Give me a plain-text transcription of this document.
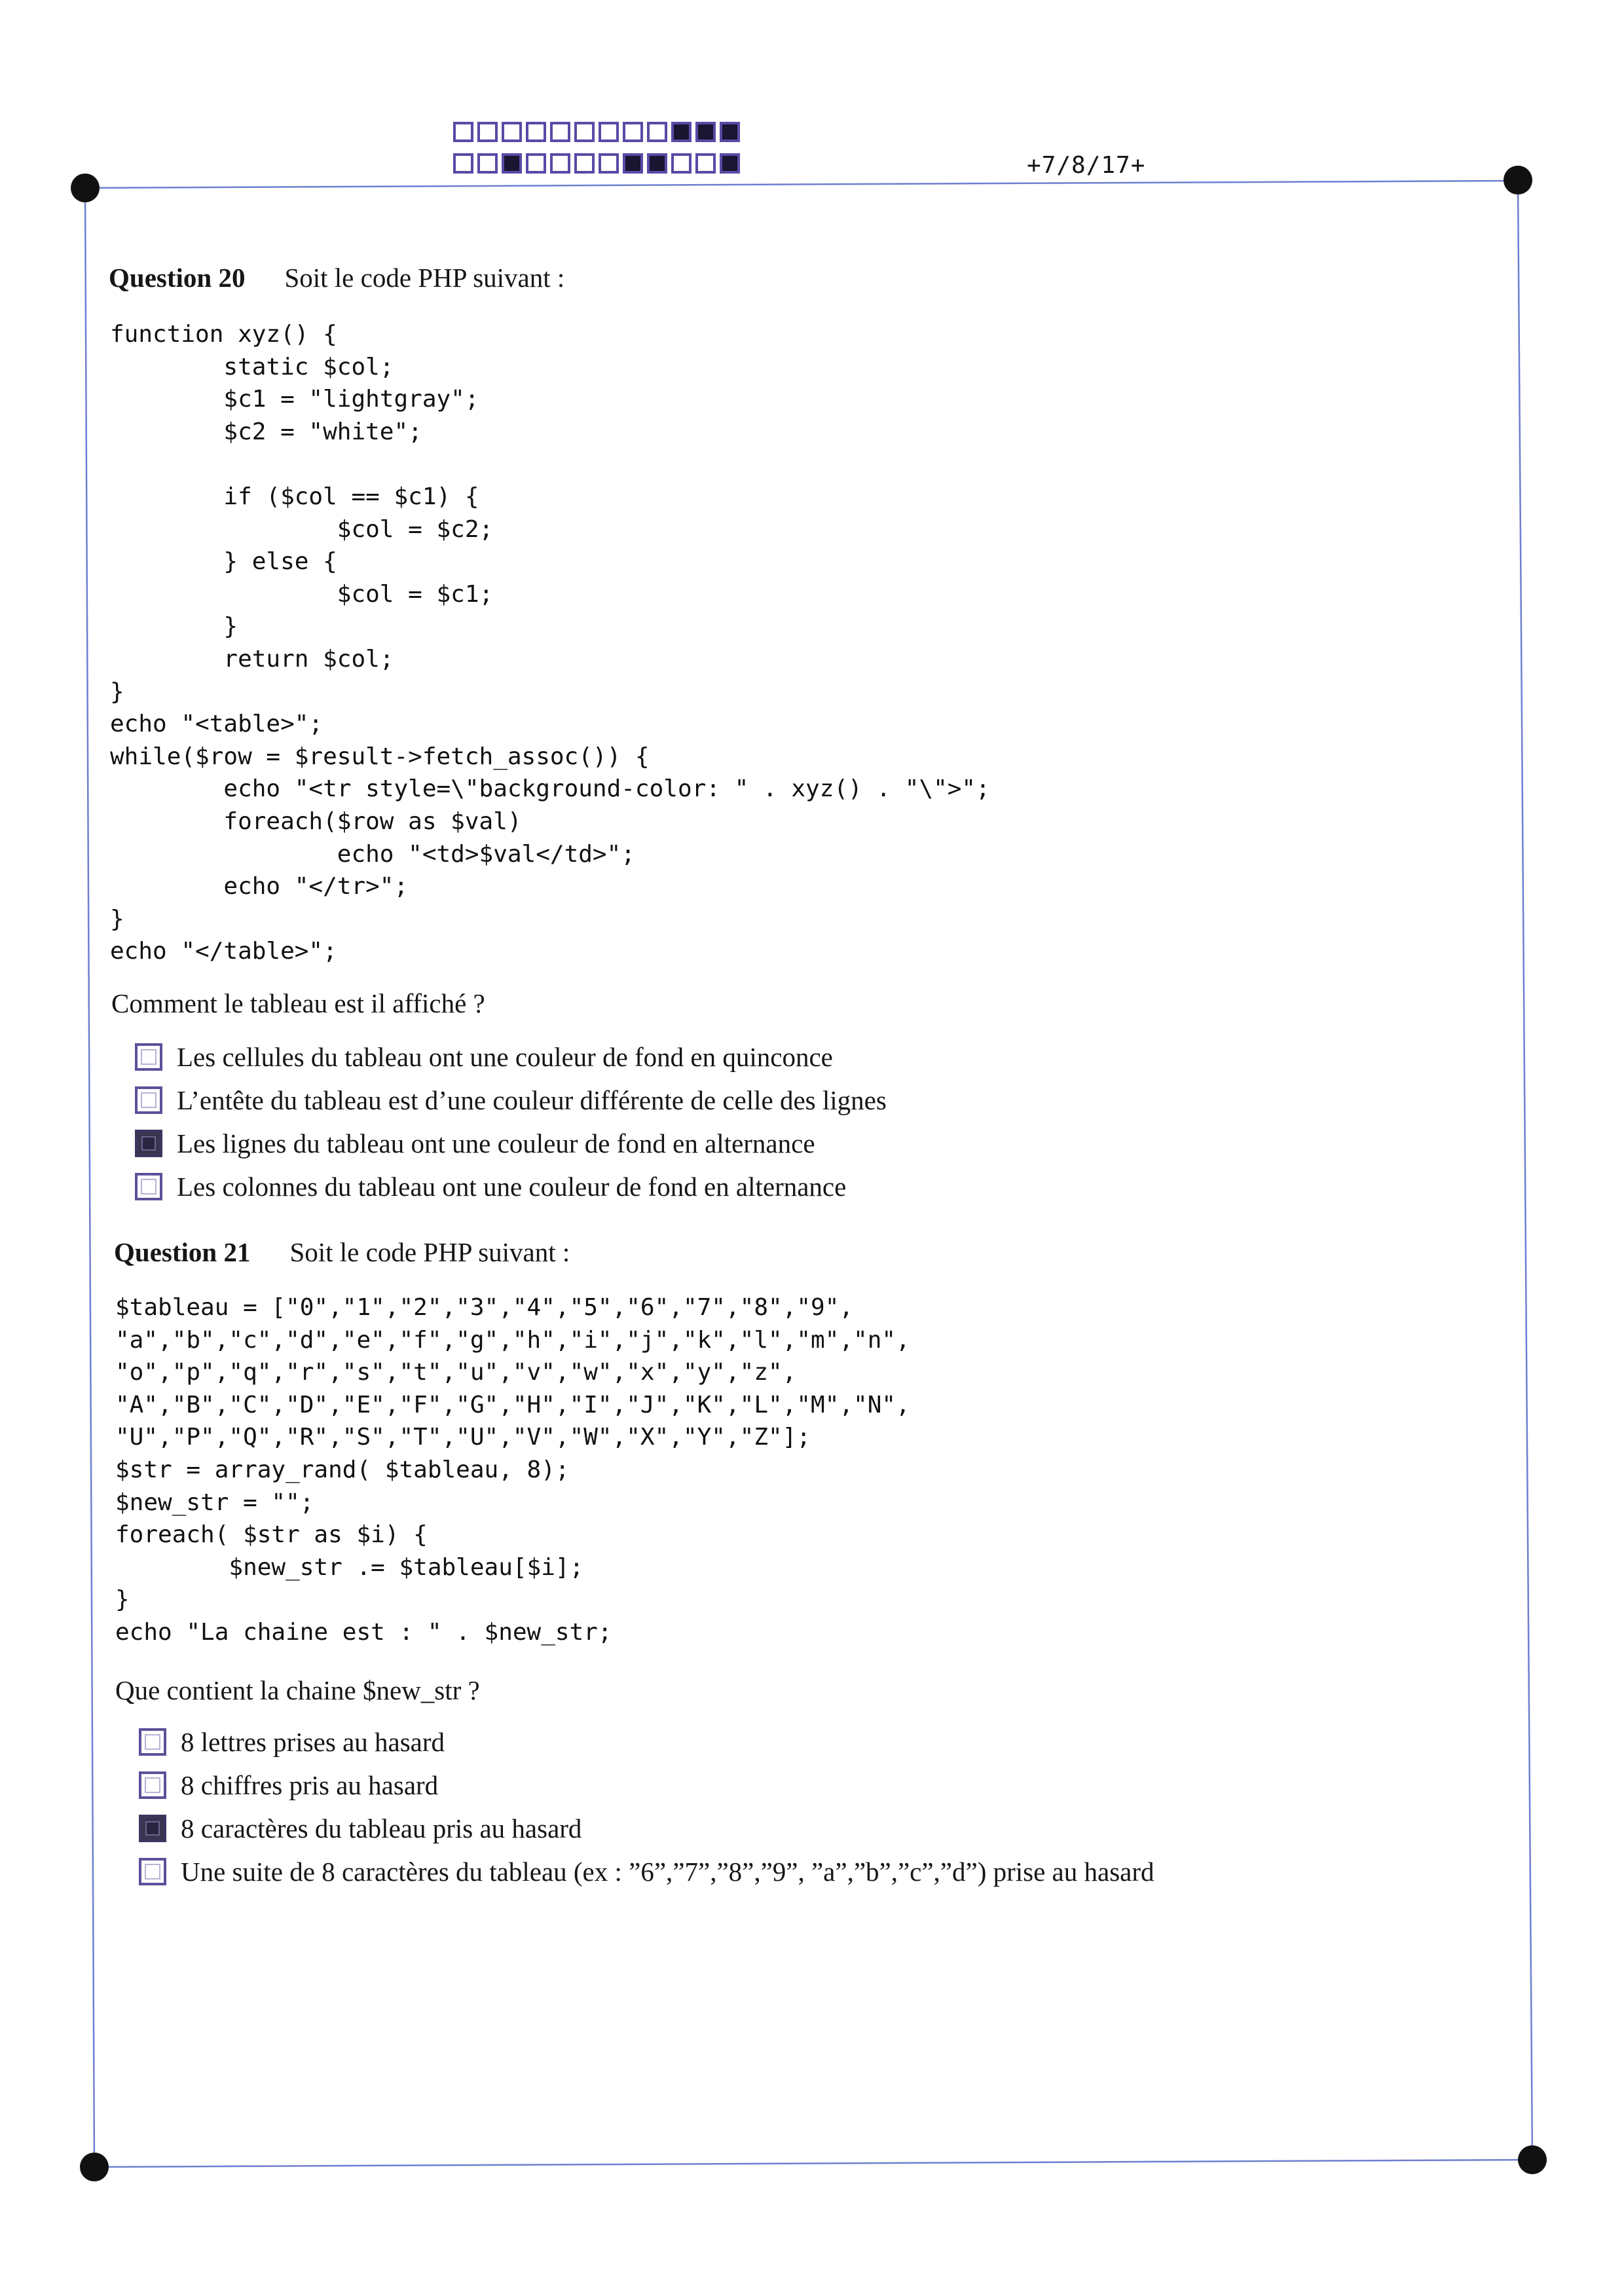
+7/8/17+
Question 20 Soit le code PHP suivant :
function xyz() {
static $col;
$c1 = "lightgray";
$c2 = "white";

if ($col == $c1) {
$col = $c2;
} else {
$col = $c1;
}
return $col;
}
echo "<table>";
while($row = $result->fetch_assoc()) {
echo "<tr style=\"background-color: " . xyz() . "\">";
foreach($row as $val)
echo "<td>$val</td>";
echo "</tr>";
}
echo "</table>";
Comment le tableau est il affiché ?
Les cellules du tableau ont une couleur de fond en quinconce
L’entête du tableau est d’une couleur différente de celle des lignes
Les lignes du tableau ont une couleur de fond en alternance
Les colonnes du tableau ont une couleur de fond en alternance
Question 21 Soit le code PHP suivant :
$tableau = ["0","1","2","3","4","5","6","7","8","9",
"a","b","c","d","e","f","g","h","i","j","k","l","m","n",
"o","p","q","r","s","t","u","v","w","x","y","z",
"A","B","C","D","E","F","G","H","I","J","K","L","M","N",
"U","P","Q","R","S","T","U","V","W","X","Y","Z"];
$str = array_rand( $tableau, 8);
$new_str = "";
foreach( $str as $i) {
$new_str .= $tableau[$i];
}
echo "La chaine est : " . $new_str;
Que contient la chaine $new_str ?
8 lettres prises au hasard
8 chiffres pris au hasard
8 caractères du tableau pris au hasard
Une suite de 8 caractères du tableau (ex : ”6”,”7”,”8”,”9”, ”a”,”b”,”c”,”d”) prise au hasard
